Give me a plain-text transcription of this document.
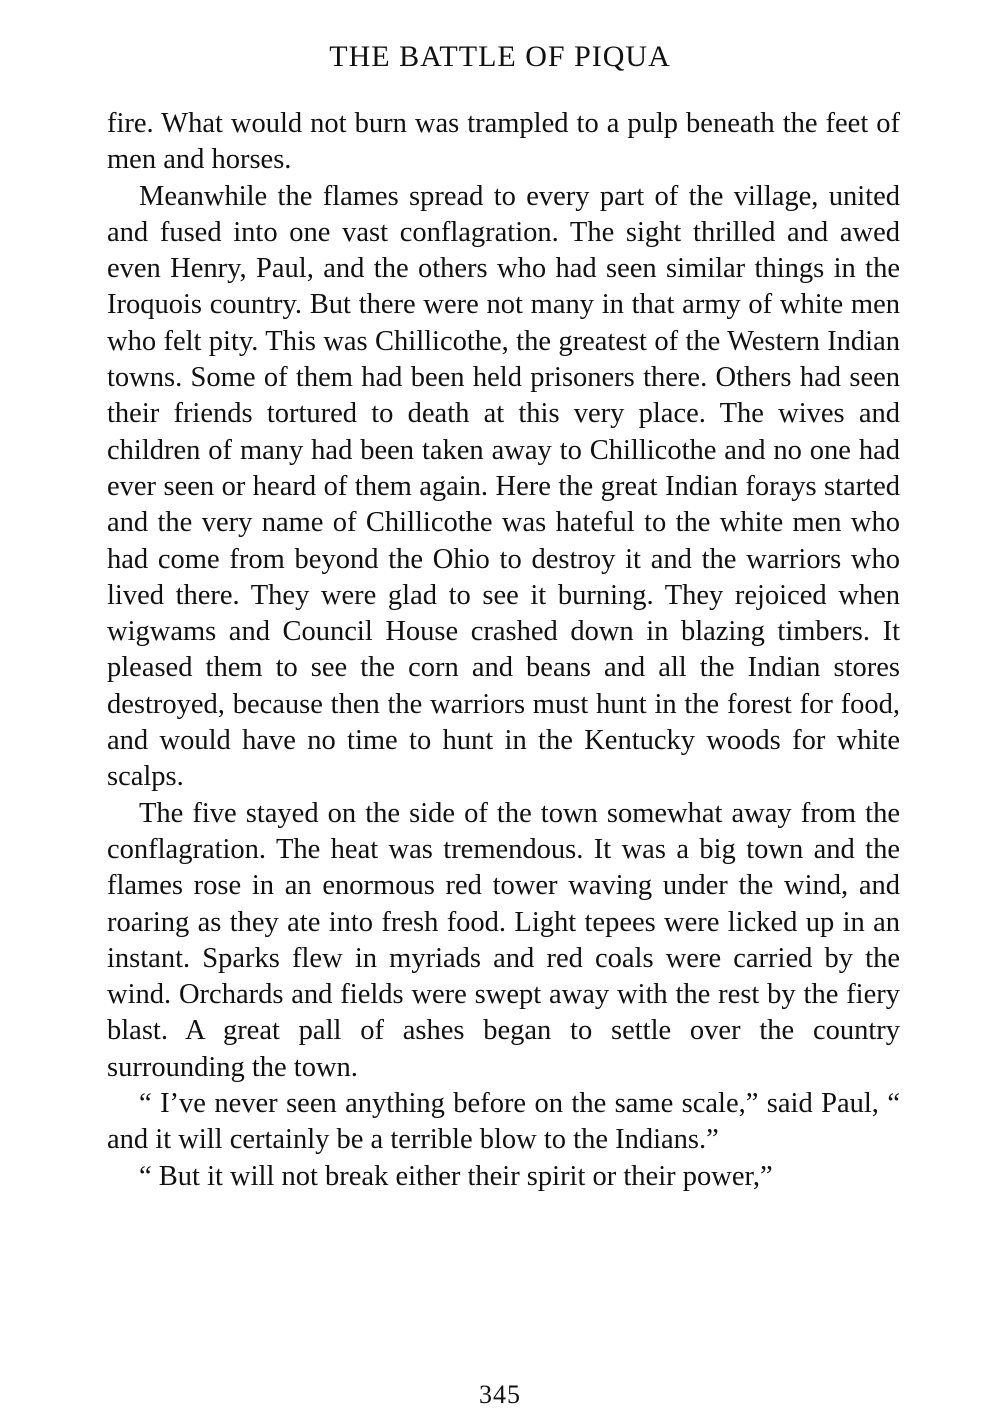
THE BATTLE OF PIQUA

fire. What would not burn was trampled to a pulp beneath the feet of men and horses.

Meanwhile the flames spread to every part of the village, united and fused into one vast conflagration. The sight thrilled and awed even Henry, Paul, and the others who had seen similar things in the Iroquois country. But there were not many in that army of white men who felt pity. This was Chillicothe, the greatest of the Western Indian towns. Some of them had been held prisoners there. Others had seen their friends tortured to death at this very place. The wives and children of many had been taken away to Chillicothe and no one had ever seen or heard of them again. Here the great Indian forays started and the very name of Chillicothe was hateful to the white men who had come from beyond the Ohio to destroy it and the warriors who lived there. They were glad to see it burning. They rejoiced when wigwams and Council House crashed down in blazing timbers. It pleased them to see the corn and beans and all the Indian stores destroyed, because then the warriors must hunt in the forest for food, and would have no time to hunt in the Kentucky woods for white scalps.

The five stayed on the side of the town somewhat away from the conflagration. The heat was tremendous. It was a big town and the flames rose in an enormous red tower waving under the wind, and roaring as they ate into fresh food. Light tepees were licked up in an instant. Sparks flew in myriads and red coals were carried by the wind. Orchards and fields were swept away with the rest by the fiery blast. A great pall of ashes began to settle over the country surrounding the town.

“ I’ve never seen anything before on the same scale,” said Paul, “ and it will certainly be a terrible blow to the Indians.”

“ But it will not break either their spirit or their power,”

345
